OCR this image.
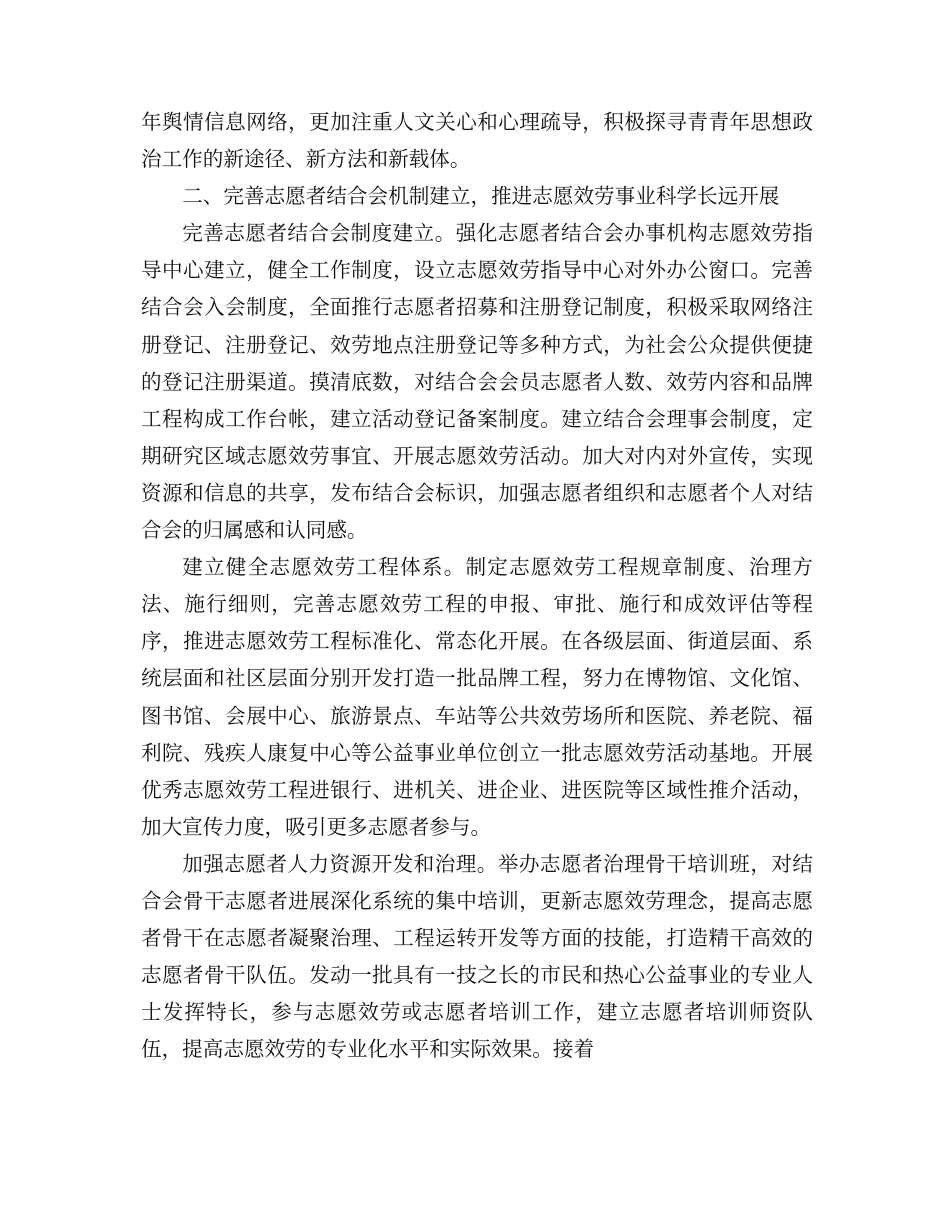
年舆情信息网络，更加注重人文关心和心理疏导，积极探寻青青年思想政治工作的新途径、新方法和新载体。

二、完善志愿者结合会机制建立，推进志愿效劳事业科学长远开展

完善志愿者结合会制度建立。强化志愿者结合会办事机构志愿效劳指导中心建立，健全工作制度，设立志愿效劳指导中心对外办公窗口。完善结合会入会制度，全面推行志愿者招募和注册登记制度，积极采取网络注册登记、注册登记、效劳地点注册登记等多种方式，为社会公众提供便捷的登记注册渠道。摸清底数，对结合会会员志愿者人数、效劳内容和品牌工程构成工作台帐，建立活动登记备案制度。建立结合会理事会制度，定期研究区域志愿效劳事宜、开展志愿效劳活动。加大对内对外宣传，实现资源和信息的共享，发布结合会标识，加强志愿者组织和志愿者个人对结合会的归属感和认同感。

建立健全志愿效劳工程体系。制定志愿效劳工程规章制度、治理方法、施行细则，完善志愿效劳工程的申报、审批、施行和成效评估等程序，推进志愿效劳工程标准化、常态化开展。在各级层面、街道层面、系统层面和社区层面分别开发打造一批品牌工程，努力在博物馆、文化馆、图书馆、会展中心、旅游景点、车站等公共效劳场所和医院、养老院、福利院、残疾人康复中心等公益事业单位创立一批志愿效劳活动基地。开展优秀志愿效劳工程进银行、进机关、进企业、进医院等区域性推介活动，加大宣传力度，吸引更多志愿者参与。

加强志愿者人力资源开发和治理。举办志愿者治理骨干培训班，对结合会骨干志愿者进展深化系统的集中培训，更新志愿效劳理念，提高志愿者骨干在志愿者凝聚治理、工程运转开发等方面的技能，打造精干高效的志愿者骨干队伍。发动一批具有一技之长的市民和热心公益事业的专业人士发挥特长，参与志愿效劳或志愿者培训工作，建立志愿者培训师资队伍，提高志愿效劳的专业化水平和实际效果。接着
